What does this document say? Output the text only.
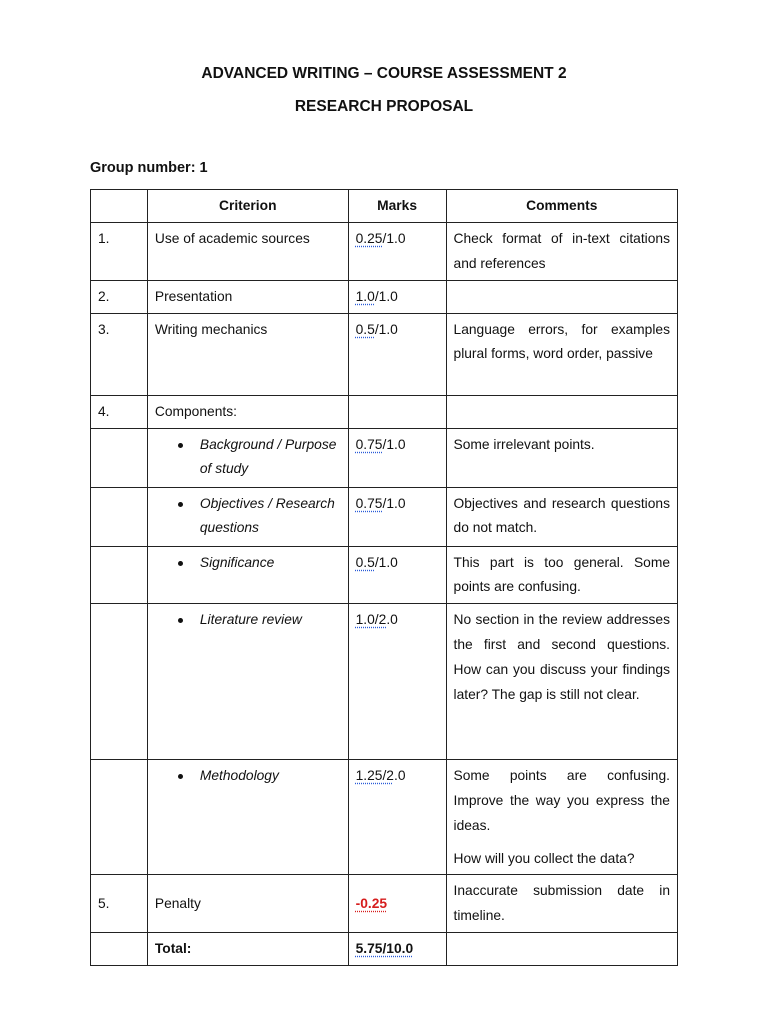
ADVANCED WRITING – COURSE ASSESSMENT 2
RESEARCH PROPOSAL
Group number: 1
	Criterion	Marks	Comments
1.	Use of academic sources	0.25/1.0	Check format of in-text citations and references
2.	Presentation	1.0/1.0	
3.	Writing mechanics	0.5/1.0	Language errors, for examples plural forms, word order, passive
4.	Components:		

	Background / Purpose of study	0.75/1.0	Some irrelevant points.

	Objectives / Research questions	0.75/1.0	Objectives and research questions do not match.

	Significance	0.5/1.0	This part is too general. Some points are confusing.

	Literature review	1.0/2.0	No section in the review addresses the first and second questions. How can you discuss your findings later? The gap is still not clear.

	Methodology	1.25/2.0	Some points are confusing. Improve the way you express the ideas.
How will you collect the data?

5.	Penalty	-0.25	Inaccurate submission date in timeline.
	Total:	5.75/10.0	
